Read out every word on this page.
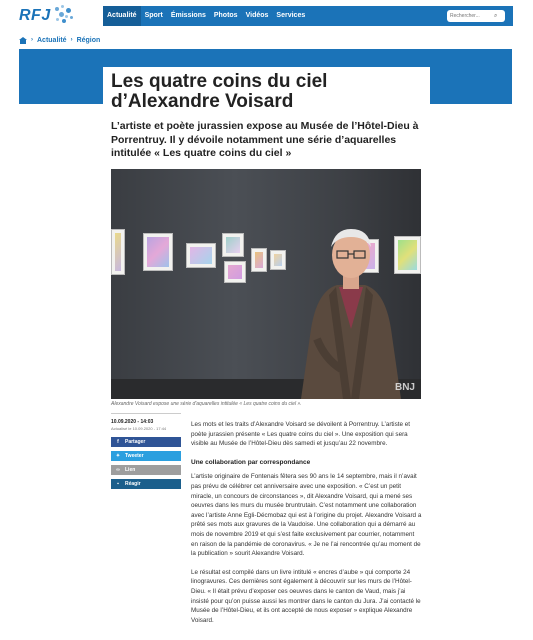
RFJ	Actualité	Sport	Émissions	Photos	Vidéos	Services
Rechercher...	⌕
› Actualité › Région
Les quatre coins du ciel
d’Alexandre Voisard
L’artiste et poète jurassien expose au Musée de l’Hôtel-Dieu à Porrentruy. Il y dévoile notamment une série d’aquarelles intitulée « Les quatre coins du ciel »
BNJ
Alexandre Voisard expose une série d'aquarelles intitulée « Les quatre coins du ciel ».
10.09.2020 - 14:03
Actualisé le 10.09.2020 - 17:44
f	Partager
✦ Tweeter
∞ Lien
▪	Réagir

Les mots et les traits d’Alexandre Voisard se dévoilent à Porrentruy. L’artiste et poète jurassien présente « Les quatre coins du ciel ». Une exposition qui sera visible au Musée de l’Hôtel-Dieu dès samedi et jusqu’au 22 novembre.

Une collaboration par correspondance

L’artiste originaire de Fontenais fêtera ses 90 ans le 14 septembre, mais il n’avait pas prévu de célébrer cet anniversaire avec une exposition. « C’est un petit miracle, un concours de circonstances », dit Alexandre Voisard, qui a mené ses oeuvres dans les murs du musée bruntrutain. C’est notamment une collaboration avec l’artiste Anne Egli-Décmobaz qui est à l’origine du projet. Alexandre Voisard a prêté ses mots aux gravures de la Vaudoise. Une collaboration qui a démarré au mois de novembre 2019 et qui s’est faite exclusivement par courrier, notamment en raison de la pandémie de coronavirus. « Je ne l’ai rencontrée qu’au moment de la publication » sourit Alexandre Voisard.

Le résultat est compilé dans un livre intitulé « encres d’aube » qui comporte 24 linogravures. Ces dernières sont également à découvrir sur les murs de l’Hôtel-Dieu. « Il était prévu d’exposer ces oeuvres dans le canton de Vaud, mais j’ai insisté pour qu’on puisse aussi les montrer dans le canton du Jura. J’ai contacté le Musée de l’Hôtel-Dieu, et ils ont accepté de nous exposer » explique Alexandre Voisard.
